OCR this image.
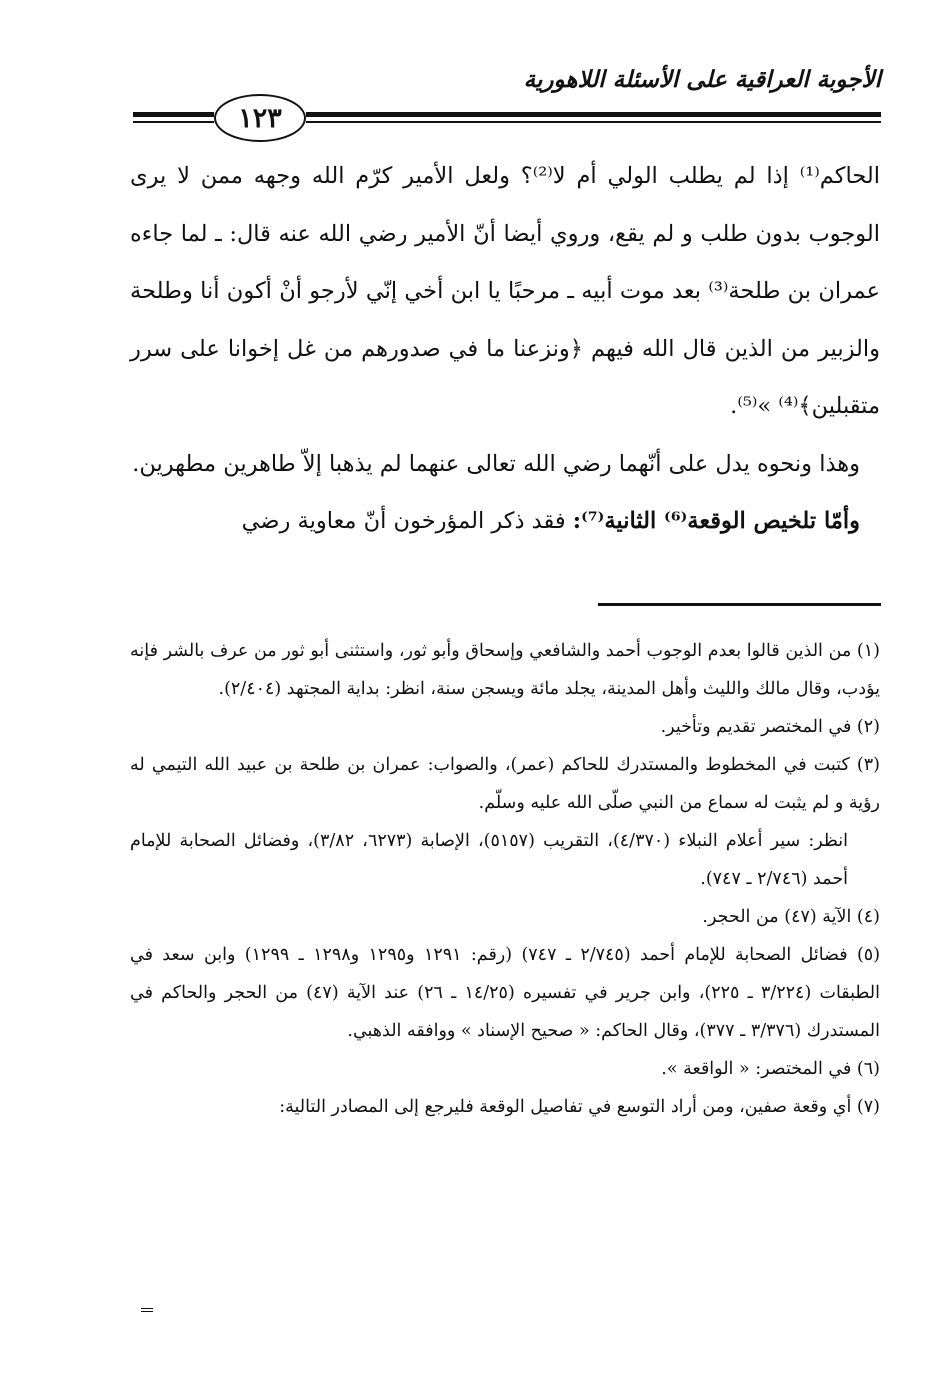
الأجوبة العراقية على الأسئلة اللاهورية
١٢٣

الحاكم⁽¹⁾ إذا لم يطلب الولي أم لا⁽²⁾؟ ولعل الأمير كرّم الله وجهه ممن لا يرى الوجوب بدون طلب و لم يقع، وروي أيضا أنّ الأمير رضي الله عنه قال: ـ لما جاءه عمران بن طلحة⁽³⁾ بعد موت أبيه ـ مرحبًا يا ابن أخي إنّي لأرجو أنْ أكون أنا وطلحة والزبير من الذين قال الله فيهم ﴿ونزعنا ما في صدورهم من غل إخوانا على سرر متقبلين﴾⁽⁴⁾ »⁽⁵⁾.

وهذا ونحوه يدل على أنّهما رضي الله تعالى عنهما لم يذهبا إلاّ طاهرين مطهرين.

وأمّا تلخيص الوقعة⁽⁶⁾ الثانية⁽⁷⁾: فقد ذكر المؤرخون أنّ معاوية رضي

(١) من الذين قالوا بعدم الوجوب أحمد والشافعي وإسحاق وأبو ثور، واستثنى أبو ثور من عرف بالشر فإنه يؤدب، وقال مالك والليث وأهل المدينة، يجلد مائة ويسجن سنة، انظر: بداية المجتهد (٢/٤٠٤).

(٢) في المختصر تقديم وتأخير.

(٣) كتبت في المخطوط والمستدرك للحاكم (عمر)، والصواب: عمران بن طلحة بن عبيد الله التيمي له رؤية و لم يثبت له سماع من النبي صلّى الله عليه وسلّم.

انظر: سير أعلام النبلاء (٤/٣٧٠)، التقريب (٥١٥٧)، الإصابة (٦٢٧٣، ٣/٨٢)، وفضائل الصحابة للإمام أحمد (٢/٧٤٦ ـ ٧٤٧).

(٤) الآية (٤٧) من الحجر.

(٥) فضائل الصحابة للإمام أحمد (٢/٧٤٥ ـ ٧٤٧) (رقم: ١٢٩١ و١٢٩٥ و١٢٩٨ ـ ١٢٩٩) وابن سعد في الطبقات (٣/٢٢٤ ـ ٢٢٥)، وابن جرير في تفسيره (١٤/٢٥ ـ ٢٦) عند الآية (٤٧) من الحجر والحاكم في المستدرك (٣/٣٧٦ ـ ٣٧٧)، وقال الحاكم: « صحيح الإسناد » ووافقه الذهبي.

(٦) في المختصر: « الواقعة ».

(٧) أي وقعة صفين، ومن أراد التوسع في تفاصيل الوقعة فليرجع إلى المصادر التالية:
